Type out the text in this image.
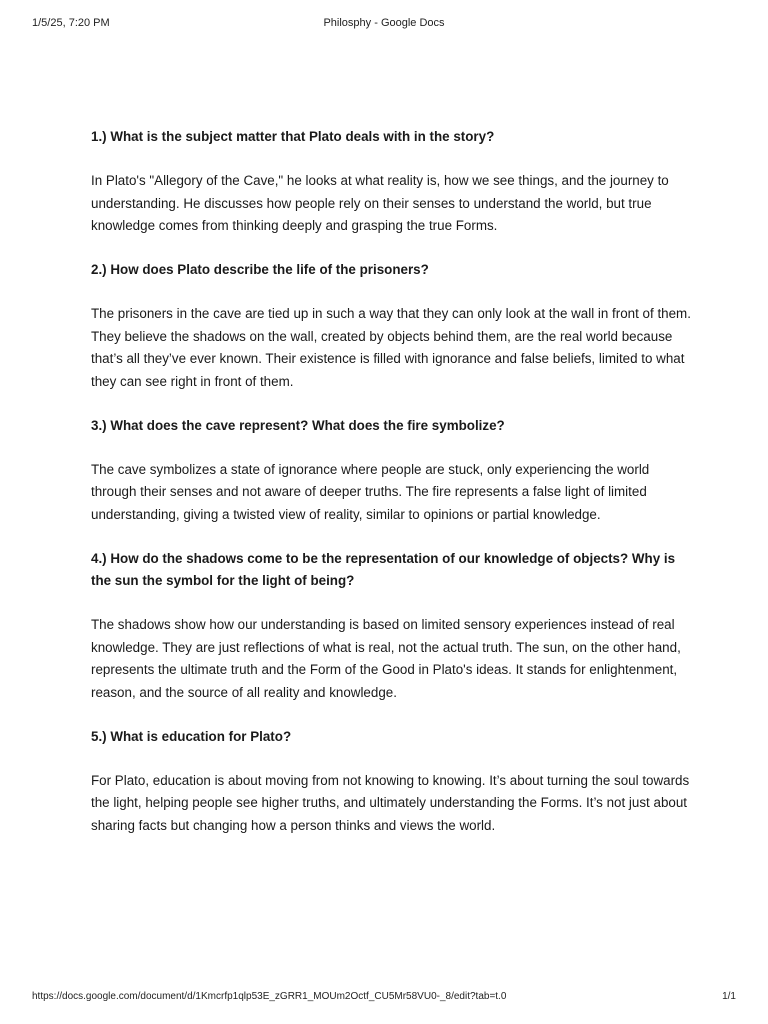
1/5/25, 7:20 PM	Philosphy - Google Docs

1.) What is the subject matter that Plato deals with in the story?

In Plato's "Allegory of the Cave," he looks at what reality is, how we see things, and the journey to understanding. He discusses how people rely on their senses to understand the world, but true knowledge comes from thinking deeply and grasping the true Forms.

2.) How does Plato describe the life of the prisoners?

The prisoners in the cave are tied up in such a way that they can only look at the wall in front of them. They believe the shadows on the wall, created by objects behind them, are the real world because that’s all they’ve ever known. Their existence is filled with ignorance and false beliefs, limited to what they can see right in front of them.

3.) What does the cave represent? What does the fire symbolize?

The cave symbolizes a state of ignorance where people are stuck, only experiencing the world through their senses and not aware of deeper truths. The fire represents a false light of limited understanding, giving a twisted view of reality, similar to opinions or partial knowledge.

4.) How do the shadows come to be the representation of our knowledge of objects? Why is the sun the symbol for the light of being?

The shadows show how our understanding is based on limited sensory experiences instead of real knowledge. They are just reflections of what is real, not the actual truth. The sun, on the other hand, represents the ultimate truth and the Form of the Good in Plato's ideas. It stands for enlightenment, reason, and the source of all reality and knowledge.

5.) What is education for Plato?

For Plato, education is about moving from not knowing to knowing. It’s about turning the soul towards the light, helping people see higher truths, and ultimately understanding the Forms. It’s not just about sharing facts but changing how a person thinks and views the world.

https://docs.google.com/document/d/1Kmcrfp1qlp53E_zGRR1_MOUm2Octf_CU5Mr58VU0-_8/edit?tab=t.0	1/1
